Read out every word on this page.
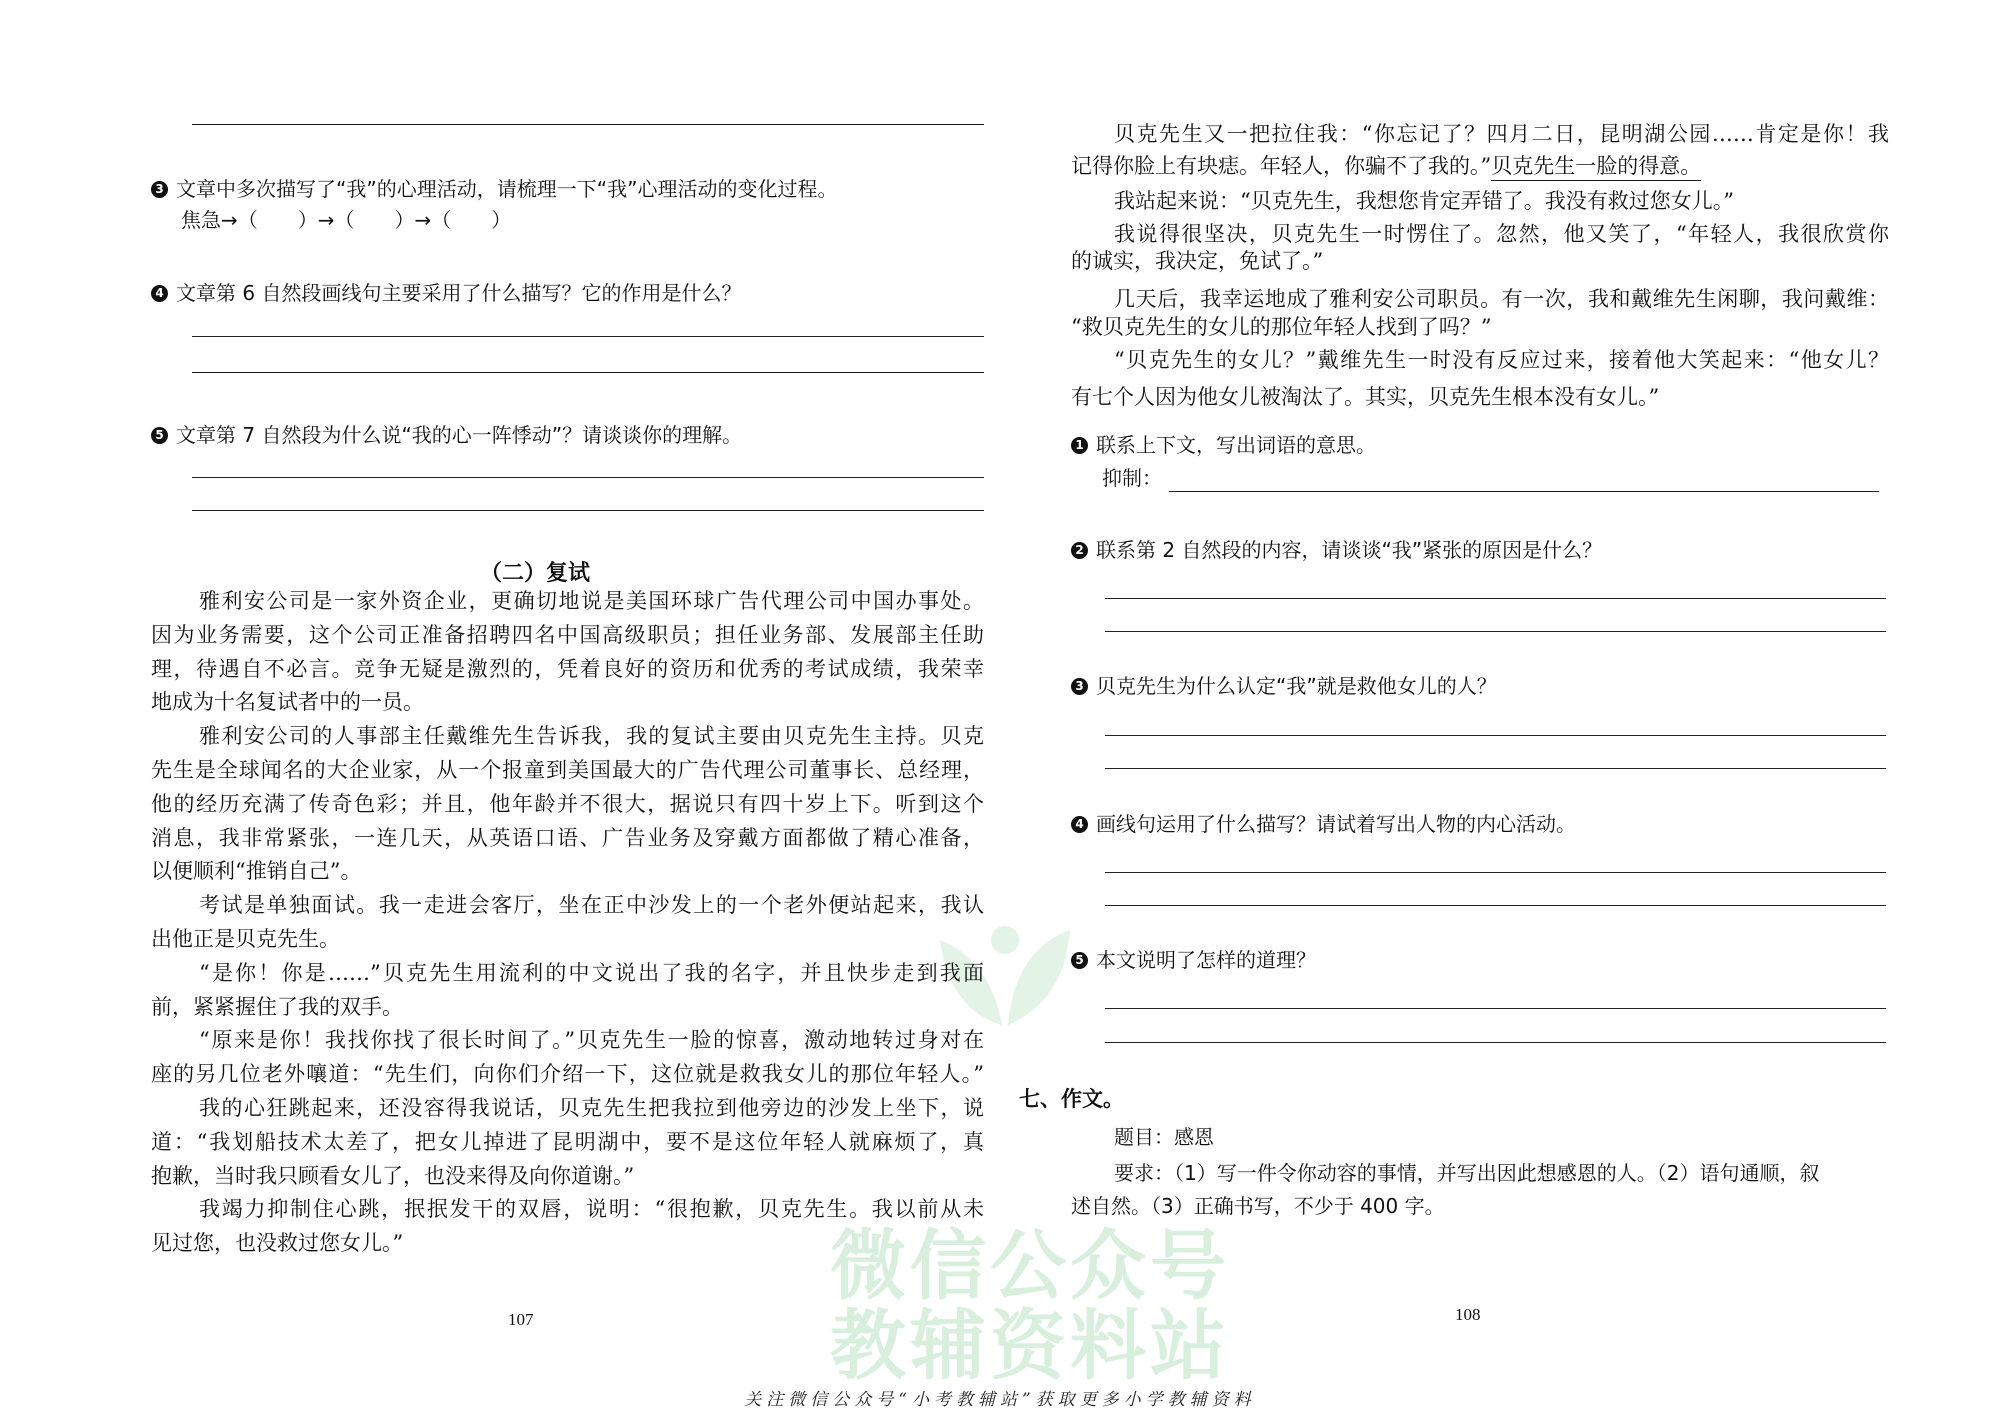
微信公众号
教辅资料站
3 文章中多次描写了“我”的心理活动，请梳理一下“我”心理活动的变化过程。
焦急→（　　）→（　　）→（　　）
4 文章第 6 自然段画线句主要采用了什么描写？它的作用是什么？
5 文章第 7 自然段为什么说“我的心一阵悸动”？请谈谈你的理解。
（二）复试
雅利安公司是一家外资企业，更确切地说是美国环球广告代理公司中国办事处。
因为业务需要，这个公司正准备招聘四名中国高级职员；担任业务部、发展部主任助
理，待遇自不必言。竞争无疑是激烈的，凭着良好的资历和优秀的考试成绩，我荣幸
地成为十名复试者中的一员。
雅利安公司的人事部主任戴维先生告诉我，我的复试主要由贝克先生主持。贝克
先生是全球闻名的大企业家，从一个报童到美国最大的广告代理公司董事长、总经理，
他的经历充满了传奇色彩；并且，他年龄并不很大，据说只有四十岁上下。听到这个
消息，我非常紧张，一连几天，从英语口语、广告业务及穿戴方面都做了精心准备，
以便顺利“推销自己”。
考试是单独面试。我一走进会客厅，坐在正中沙发上的一个老外便站起来，我认
出他正是贝克先生。
“是你！你是……”贝克先生用流利的中文说出了我的名字，并且快步走到我面
前，紧紧握住了我的双手。
“原来是你！我找你找了很长时间了。”贝克先生一脸的惊喜，激动地转过身对在
座的另几位老外嚷道：“先生们，向你们介绍一下，这位就是救我女儿的那位年轻人。”
我的心狂跳起来，还没容得我说话，贝克先生把我拉到他旁边的沙发上坐下，说
道：“我划船技术太差了，把女儿掉进了昆明湖中，要不是这位年轻人就麻烦了，真
抱歉，当时我只顾看女儿了，也没来得及向你道谢。”
我竭力抑制住心跳，抿抿发干的双唇，说明：“很抱歉，贝克先生。我以前从未
见过您，也没救过您女儿。”
107
贝克先生又一把拉住我：“你忘记了？四月二日，昆明湖公园……肯定是你！我
记得你脸上有块痣。年轻人，你骗不了我的。”贝克先生一脸的得意。
我站起来说：“贝克先生，我想您肯定弄错了。我没有救过您女儿。”
我说得很坚决，贝克先生一时愣住了。忽然，他又笑了，“年轻人，我很欣赏你
的诚实，我决定，免试了。”
几天后，我幸运地成了雅利安公司职员。有一次，我和戴维先生闲聊，我问戴维：
“救贝克先生的女儿的那位年轻人找到了吗？”
“贝克先生的女儿？”戴维先生一时没有反应过来，接着他大笑起来：“他女儿？
有七个人因为他女儿被淘汰了。其实，贝克先生根本没有女儿。”
1 联系上下文，写出词语的意思。
抑制：
2 联系第 2 自然段的内容，请谈谈“我”紧张的原因是什么？
3 贝克先生为什么认定“我”就是救他女儿的人？
4 画线句运用了什么描写？请试着写出人物的内心活动。
5 本文说明了怎样的道理？
七、作文。
题目：感恩
要求：（1）写一件令你动容的事情，并写出因此想感恩的人。（2）语句通顺，叙
述自然。（3）正确书写，不少于 400 字。
108
关注微信公众号“小考教辅站”获取更多小学教辅资料
